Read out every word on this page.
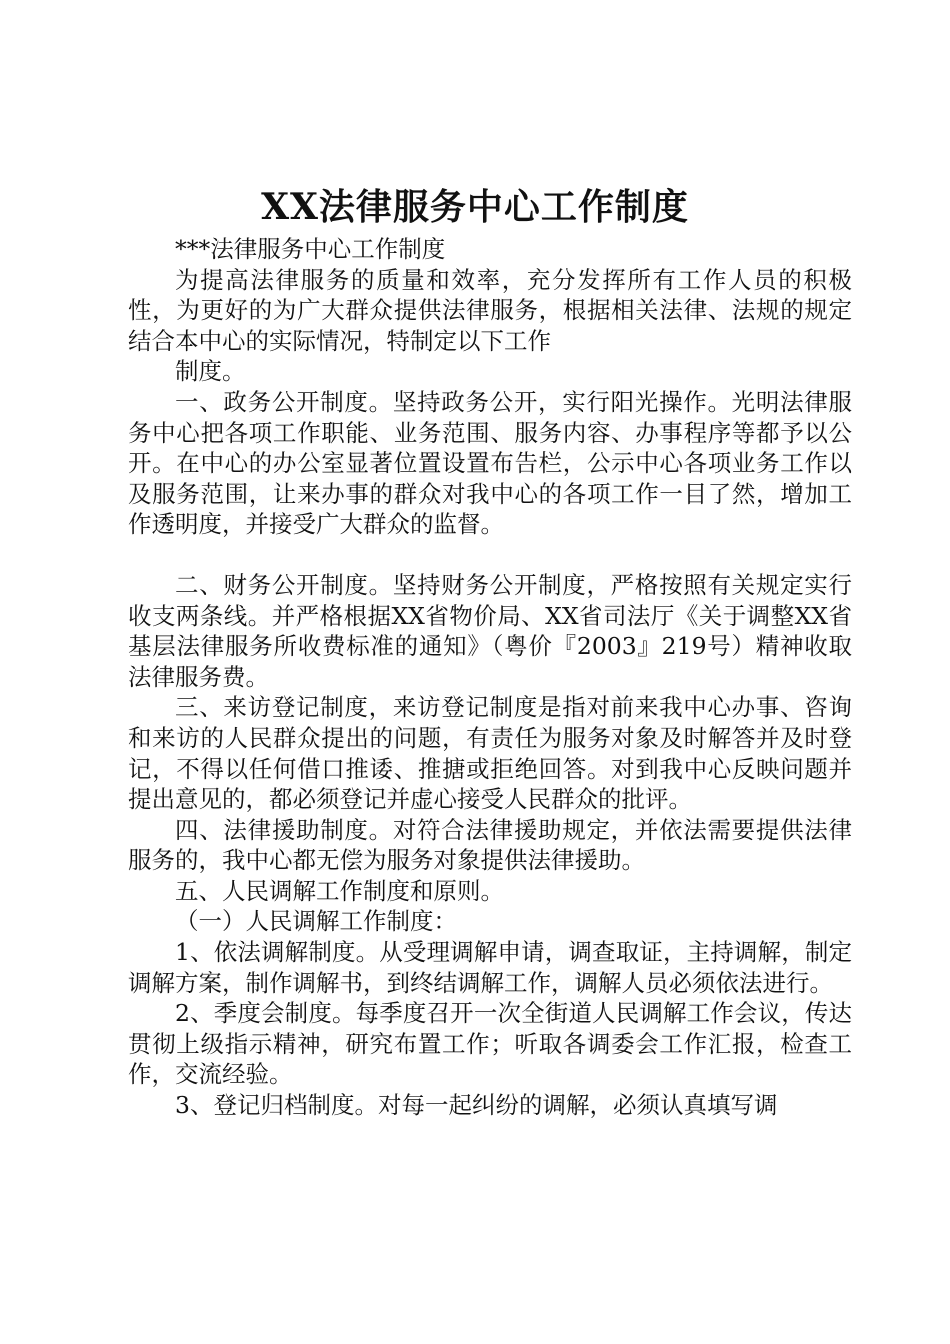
XX法律服务中心工作制度

***法律服务中心工作制度

为提高法律服务的质量和效率，充分发挥所有工作人员的积极性，为更好的为广大群众提供法律服务，根据相关法律、法规的规定结合本中心的实际情况，特制定以下工作

制度。

一、政务公开制度。坚持政务公开，实行阳光操作。光明法律服务中心把各项工作职能、业务范围、服务内容、办事程序等都予以公开。在中心的办公室显著位置设置布告栏，公示中心各项业务工作以及服务范围，让来办事的群众对我中心的各项工作一目了然，增加工作透明度，并接受广大群众的监督。

二、财务公开制度。坚持财务公开制度，严格按照有关规定实行收支两条线。并严格根据XX省物价局、XX省司法厅《关于调整XX省基层法律服务所收费标准的通知》（粤价『2003』219号）精神收取法律服务费。

三、来访登记制度，来访登记制度是指对前来我中心办事、咨询和来访的人民群众提出的问题，有责任为服务对象及时解答并及时登记，不得以任何借口推诿、推搪或拒绝回答。对到我中心反映问题并提出意见的，都必须登记并虚心接受人民群众的批评。

四、法律援助制度。对符合法律援助规定，并依法需要提供法律服务的，我中心都无偿为服务对象提供法律援助。

五、人民调解工作制度和原则。

（一）人民调解工作制度：

1、依法调解制度。从受理调解申请，调查取证，主持调解，制定调解方案，制作调解书，到终结调解工作，调解人员必须依法进行。

2、季度会制度。每季度召开一次全街道人民调解工作会议，传达贯彻上级指示精神，研究布置工作；听取各调委会工作汇报，检查工作，交流经验。

3、登记归档制度。对每一起纠纷的调解，必须认真填写调
